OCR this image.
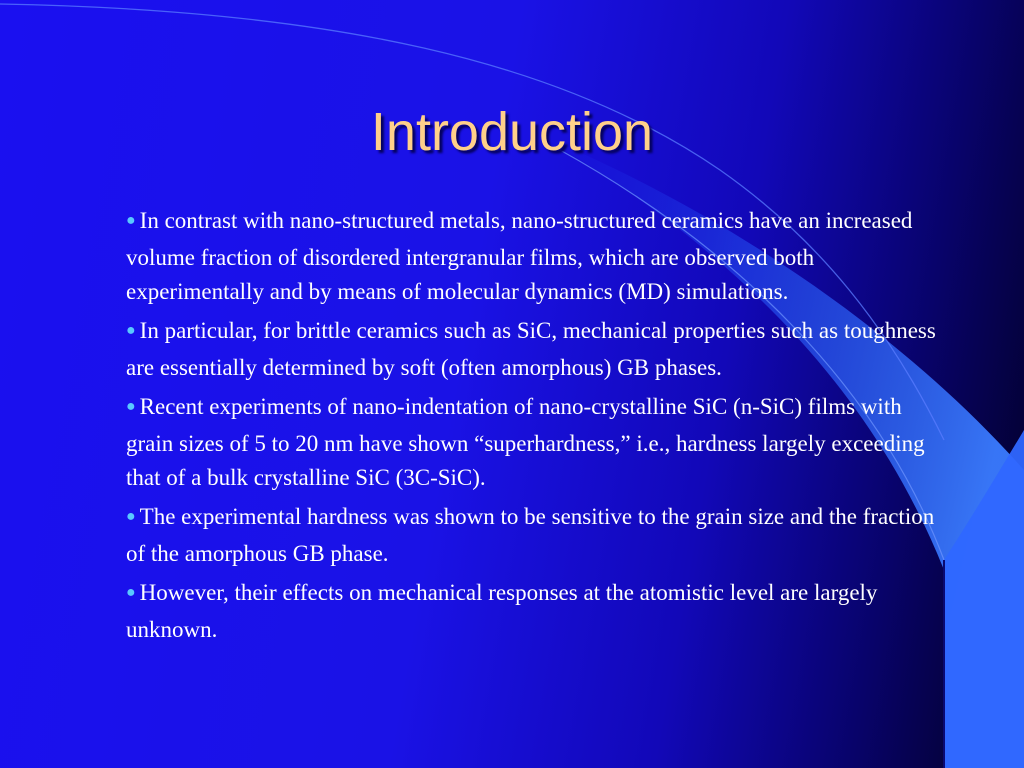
Introduction
● In contrast with nano-structured metals, nano-structured ceramics have an increased volume fraction of disordered intergranular films, which are observed both experimentally and by means of molecular dynamics (MD) simulations.
● In particular, for brittle ceramics such as SiC, mechanical properties such as toughness are essentially determined by soft (often amorphous) GB phases.
● Recent experiments of nano-indentation of nano-crystalline SiC (n-SiC) films with grain sizes of 5 to 20 nm have shown “superhardness,” i.e., hardness largely exceeding that of a bulk crystalline SiC (3C-SiC).
● The experimental hardness was shown to be sensitive to the grain size and the fraction of the amorphous GB phase.
● However, their effects on mechanical responses at the atomistic level are largely unknown.
